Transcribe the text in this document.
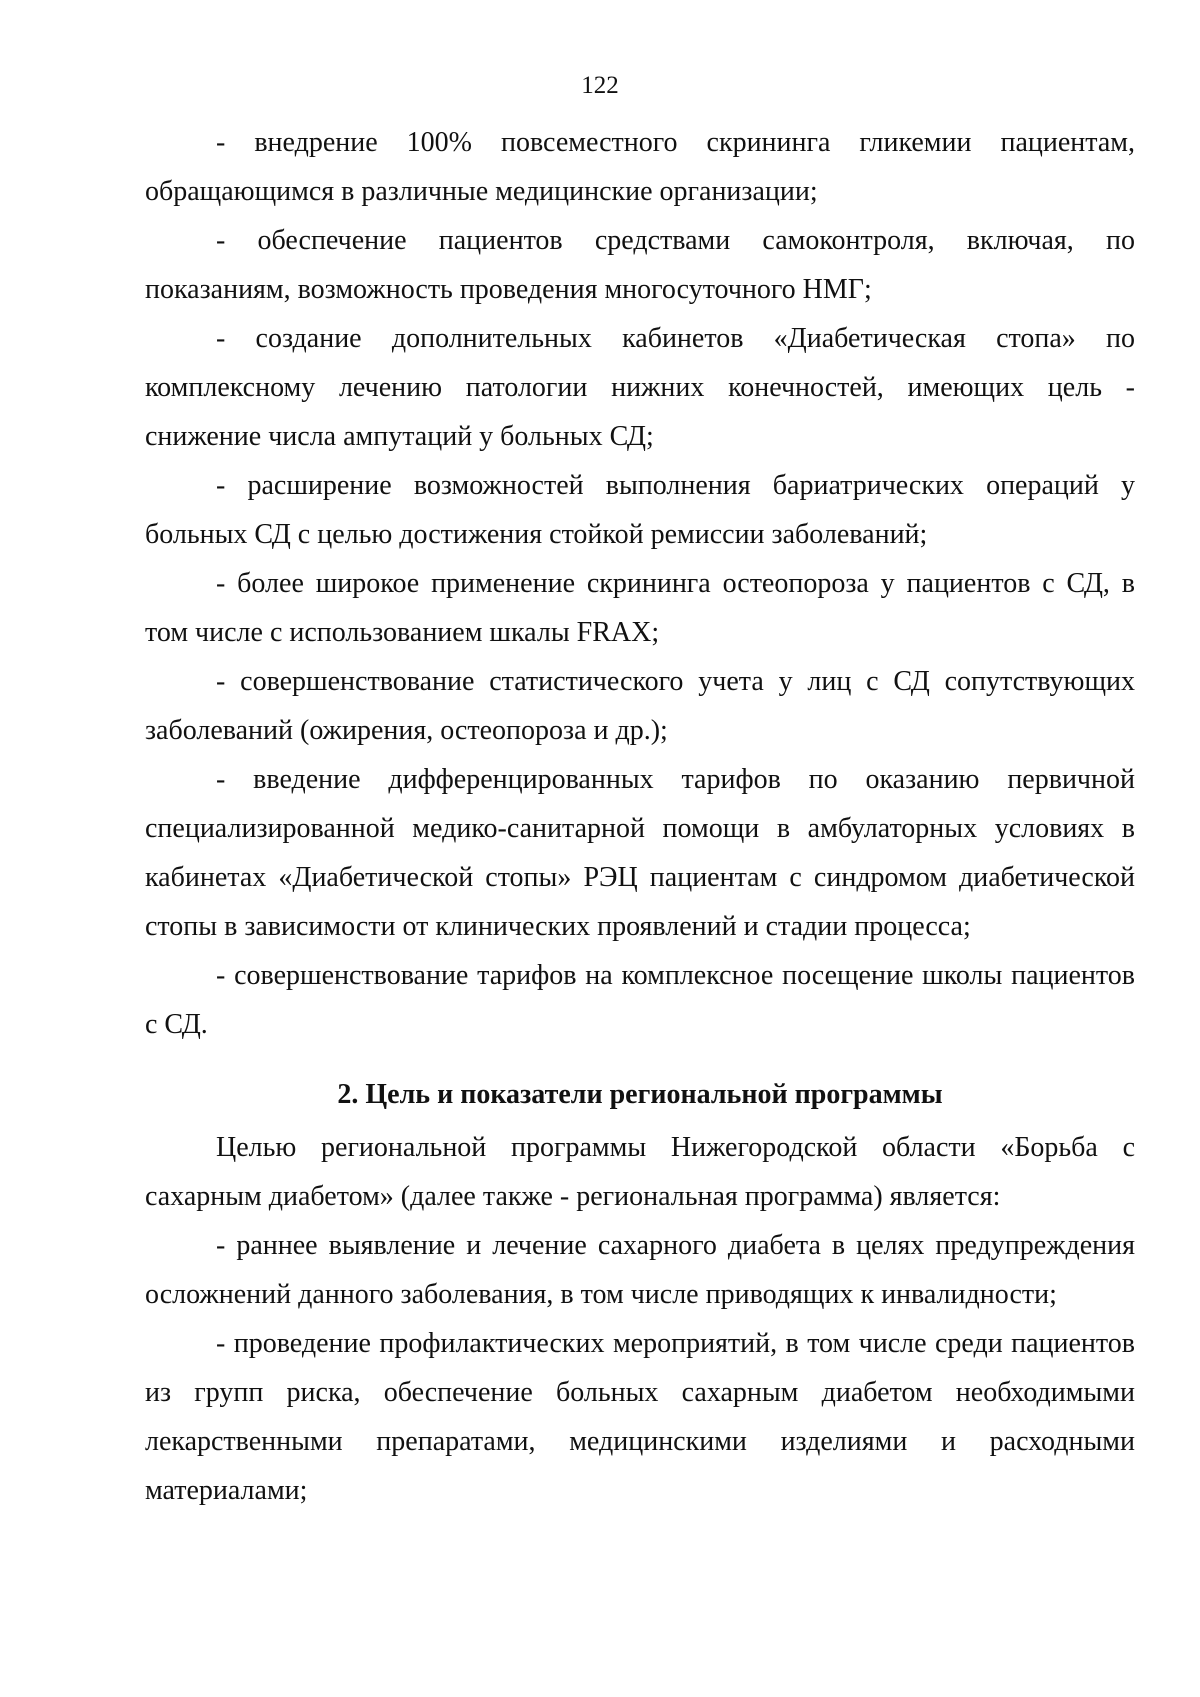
122

- внедрение 100% повсеместного скрининга гликемии пациентам, обращающимся в различные медицинские организации;

- обеспечение пациентов средствами самоконтроля, включая, по показаниям, возможность проведения многосуточного НМГ;

- создание дополнительных кабинетов «Диабетическая стопа» по комплексному лечению патологии нижних конечностей, имеющих цель - снижение числа ампутаций у больных СД;

- расширение возможностей выполнения бариатрических операций у больных СД с целью достижения стойкой ремиссии заболеваний;

- более широкое применение скрининга остеопороза у пациентов с СД, в том числе с использованием шкалы FRAX;

- совершенствование статистического учета у лиц с СД сопутствующих заболеваний (ожирения, остеопороза и др.);

- введение дифференцированных тарифов по оказанию первичной специализированной медико-санитарной помощи в амбулаторных условиях в кабинетах «Диабетической стопы» РЭЦ пациентам с синдромом диабетической стопы в зависимости от клинических проявлений и стадии процесса;

- совершенствование тарифов на комплексное посещение школы пациентов с СД.

2. Цель и показатели региональной программы

Целью региональной программы Нижегородской области «Борьба с сахарным диабетом» (далее также - региональная программа) является:

- раннее выявление и лечение сахарного диабета в целях предупреждения осложнений данного заболевания, в том числе приводящих к инвалидности;

- проведение профилактических мероприятий, в том числе среди пациентов из групп риска, обеспечение больных сахарным диабетом необходимыми лекарственными препаратами, медицинскими изделиями и расходными материалами;
